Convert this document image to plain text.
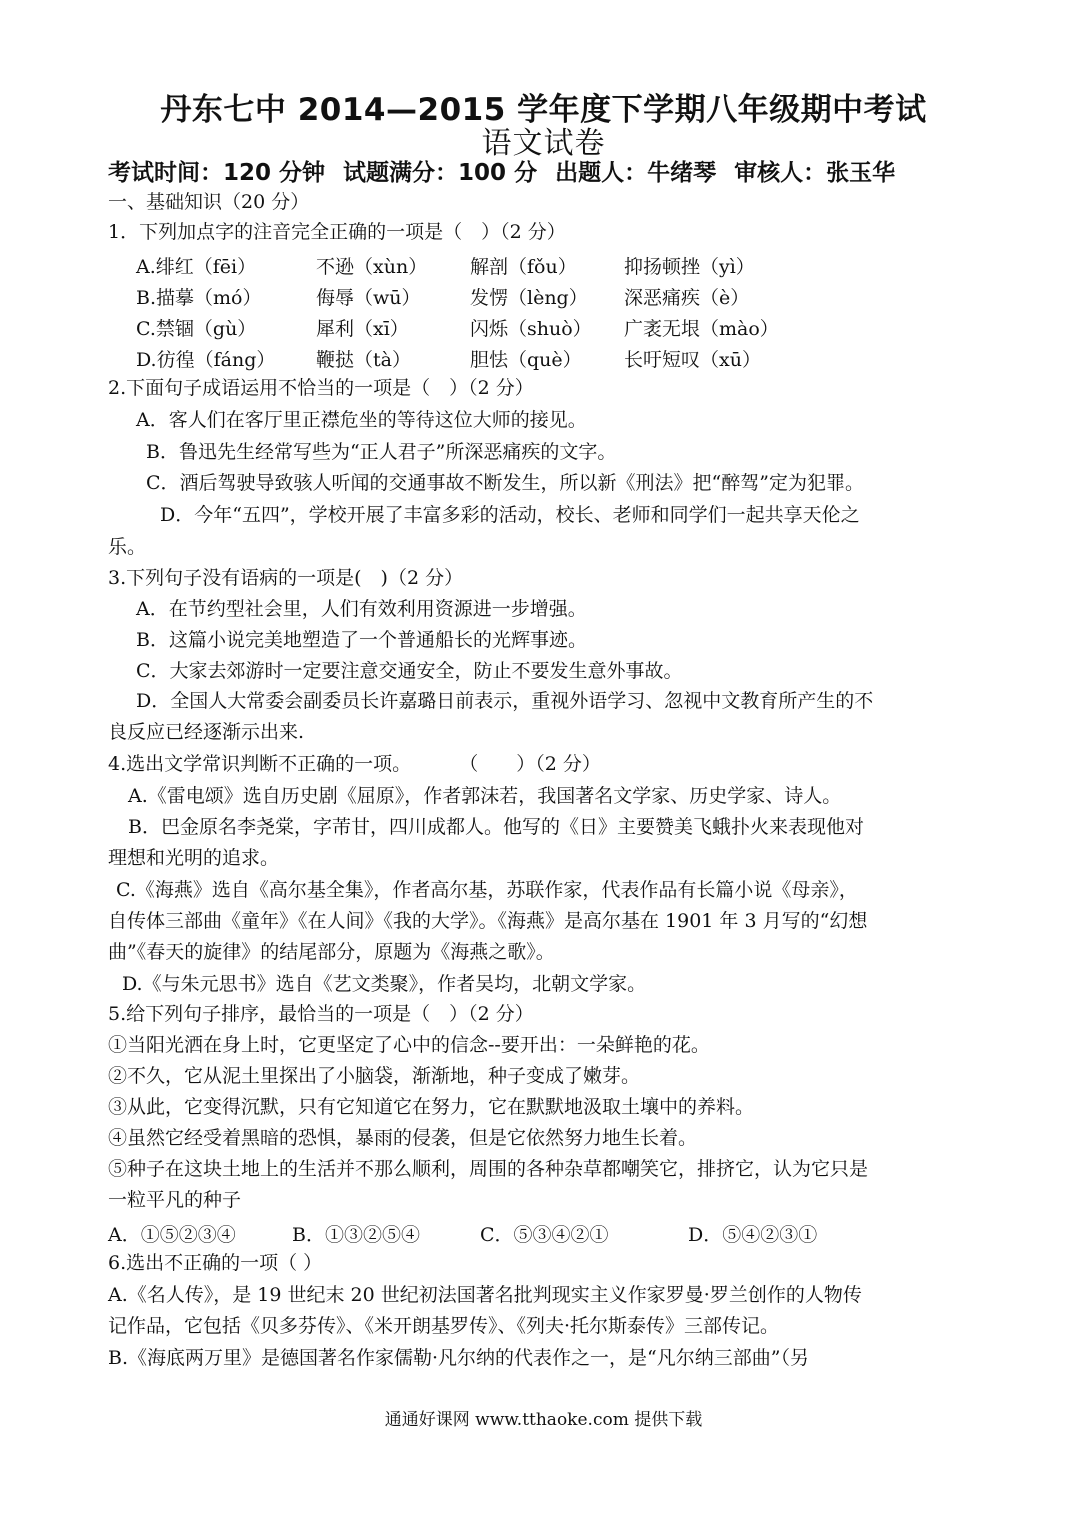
丹东七中 2014—2015 学年度下学期八年级期中考试
语文试卷
考试时间：120 分钟 试题满分：100 分 出题人：牛绪琴 审核人：张玉华
一、基础知识（20 分）
1．下列加点字的注音完全正确的一项是（　）（2 分）
A.绯红（fēi）	不逊（xùn） 解剖（fǒu） 抑扬顿挫（yì）
B.描摹（mó）	侮辱（wū）	发愣（lèng） 深恶痛疾（è）
C.禁锢（gù）	犀利（xī）	闪烁（shuò） 广袤无垠（mào）
D.彷徨（fáng） 鞭挞（tà）	胆怯（què） 长吁短叹（xū）
2.下面句子成语运用不恰当的一项是（　）（2 分）
A．客人们在客厅里正襟危坐的等待这位大师的接见。
B．鲁迅先生经常写些为“正人君子”所深恶痛疾的文字。
C．酒后驾驶导致骇人听闻的交通事故不断发生，所以新《刑法》把“醉驾”定为犯罪。
D．今年“五四”，学校开展了丰富多彩的活动，校长、老师和同学们一起共享天伦之
乐。
3.下列句子没有语病的一项是(　)（2 分）
A．在节约型社会里，人们有效利用资源进一步增强。
B．这篇小说完美地塑造了一个普通船长的光辉事迹。
C．大家去郊游时一定要注意交通安全，防止不要发生意外事故。
D．全国人大常委会副委员长许嘉璐日前表示，重视外语学习、忽视中文教育所产生的不
良反应已经逐渐示出来.
4.选出文学常识判断不正确的一项。	（　　）（2 分）
A.《雷电颂》选自历史剧《屈原》，作者郭沫若，我国著名文学家、历史学家、诗人。
B．巴金原名李尧棠，字芾甘，四川成都人。他写的《日》主要赞美飞蛾扑火来表现他对
理想和光明的追求。
C.《海燕》选自《高尔基全集》，作者高尔基，苏联作家，代表作品有长篇小说《母亲》，
自传体三部曲《童年》《在人间》《我的大学》。《海燕》是高尔基在 1901 年 3 月写的“幻想
曲”《春天的旋律》的结尾部分，原题为《海燕之歌》。
D.《与朱元思书》选自《艺文类聚》，作者吴均，北朝文学家。
5.给下列句子排序，最恰当的一项是（　）（2 分）
①当阳光洒在身上时，它更坚定了心中的信念--要开出：一朵鲜艳的花。
②不久，它从泥土里探出了小脑袋，渐渐地，种子变成了嫩芽。
③从此，它变得沉默，只有它知道它在努力，它在默默地汲取土壤中的养料。
④虽然它经受着黑暗的恐惧，暴雨的侵袭，但是它依然努力地生长着。
⑤种子在这块土地上的生活并不那么顺利，周围的各种杂草都嘲笑它，排挤它，认为它只是
一粒平凡的种子
A．①⑤②③④	B．①③②⑤④	C．⑤③④②①	D．⑤④②③①
6.选出不正确的一项（ ）
A.《名人传》，是 19 世纪末 20 世纪初法国著名批判现实主义作家罗曼·罗兰创作的人物传
记作品，它包括《贝多芬传》、《米开朗基罗传》、《列夫·托尔斯泰传》三部传记。
B.《海底两万里》是德国著名作家儒勒·凡尔纳的代表作之一，是“凡尔纳三部曲”（另
通通好课网 www.tthaoke.com 提供下载
